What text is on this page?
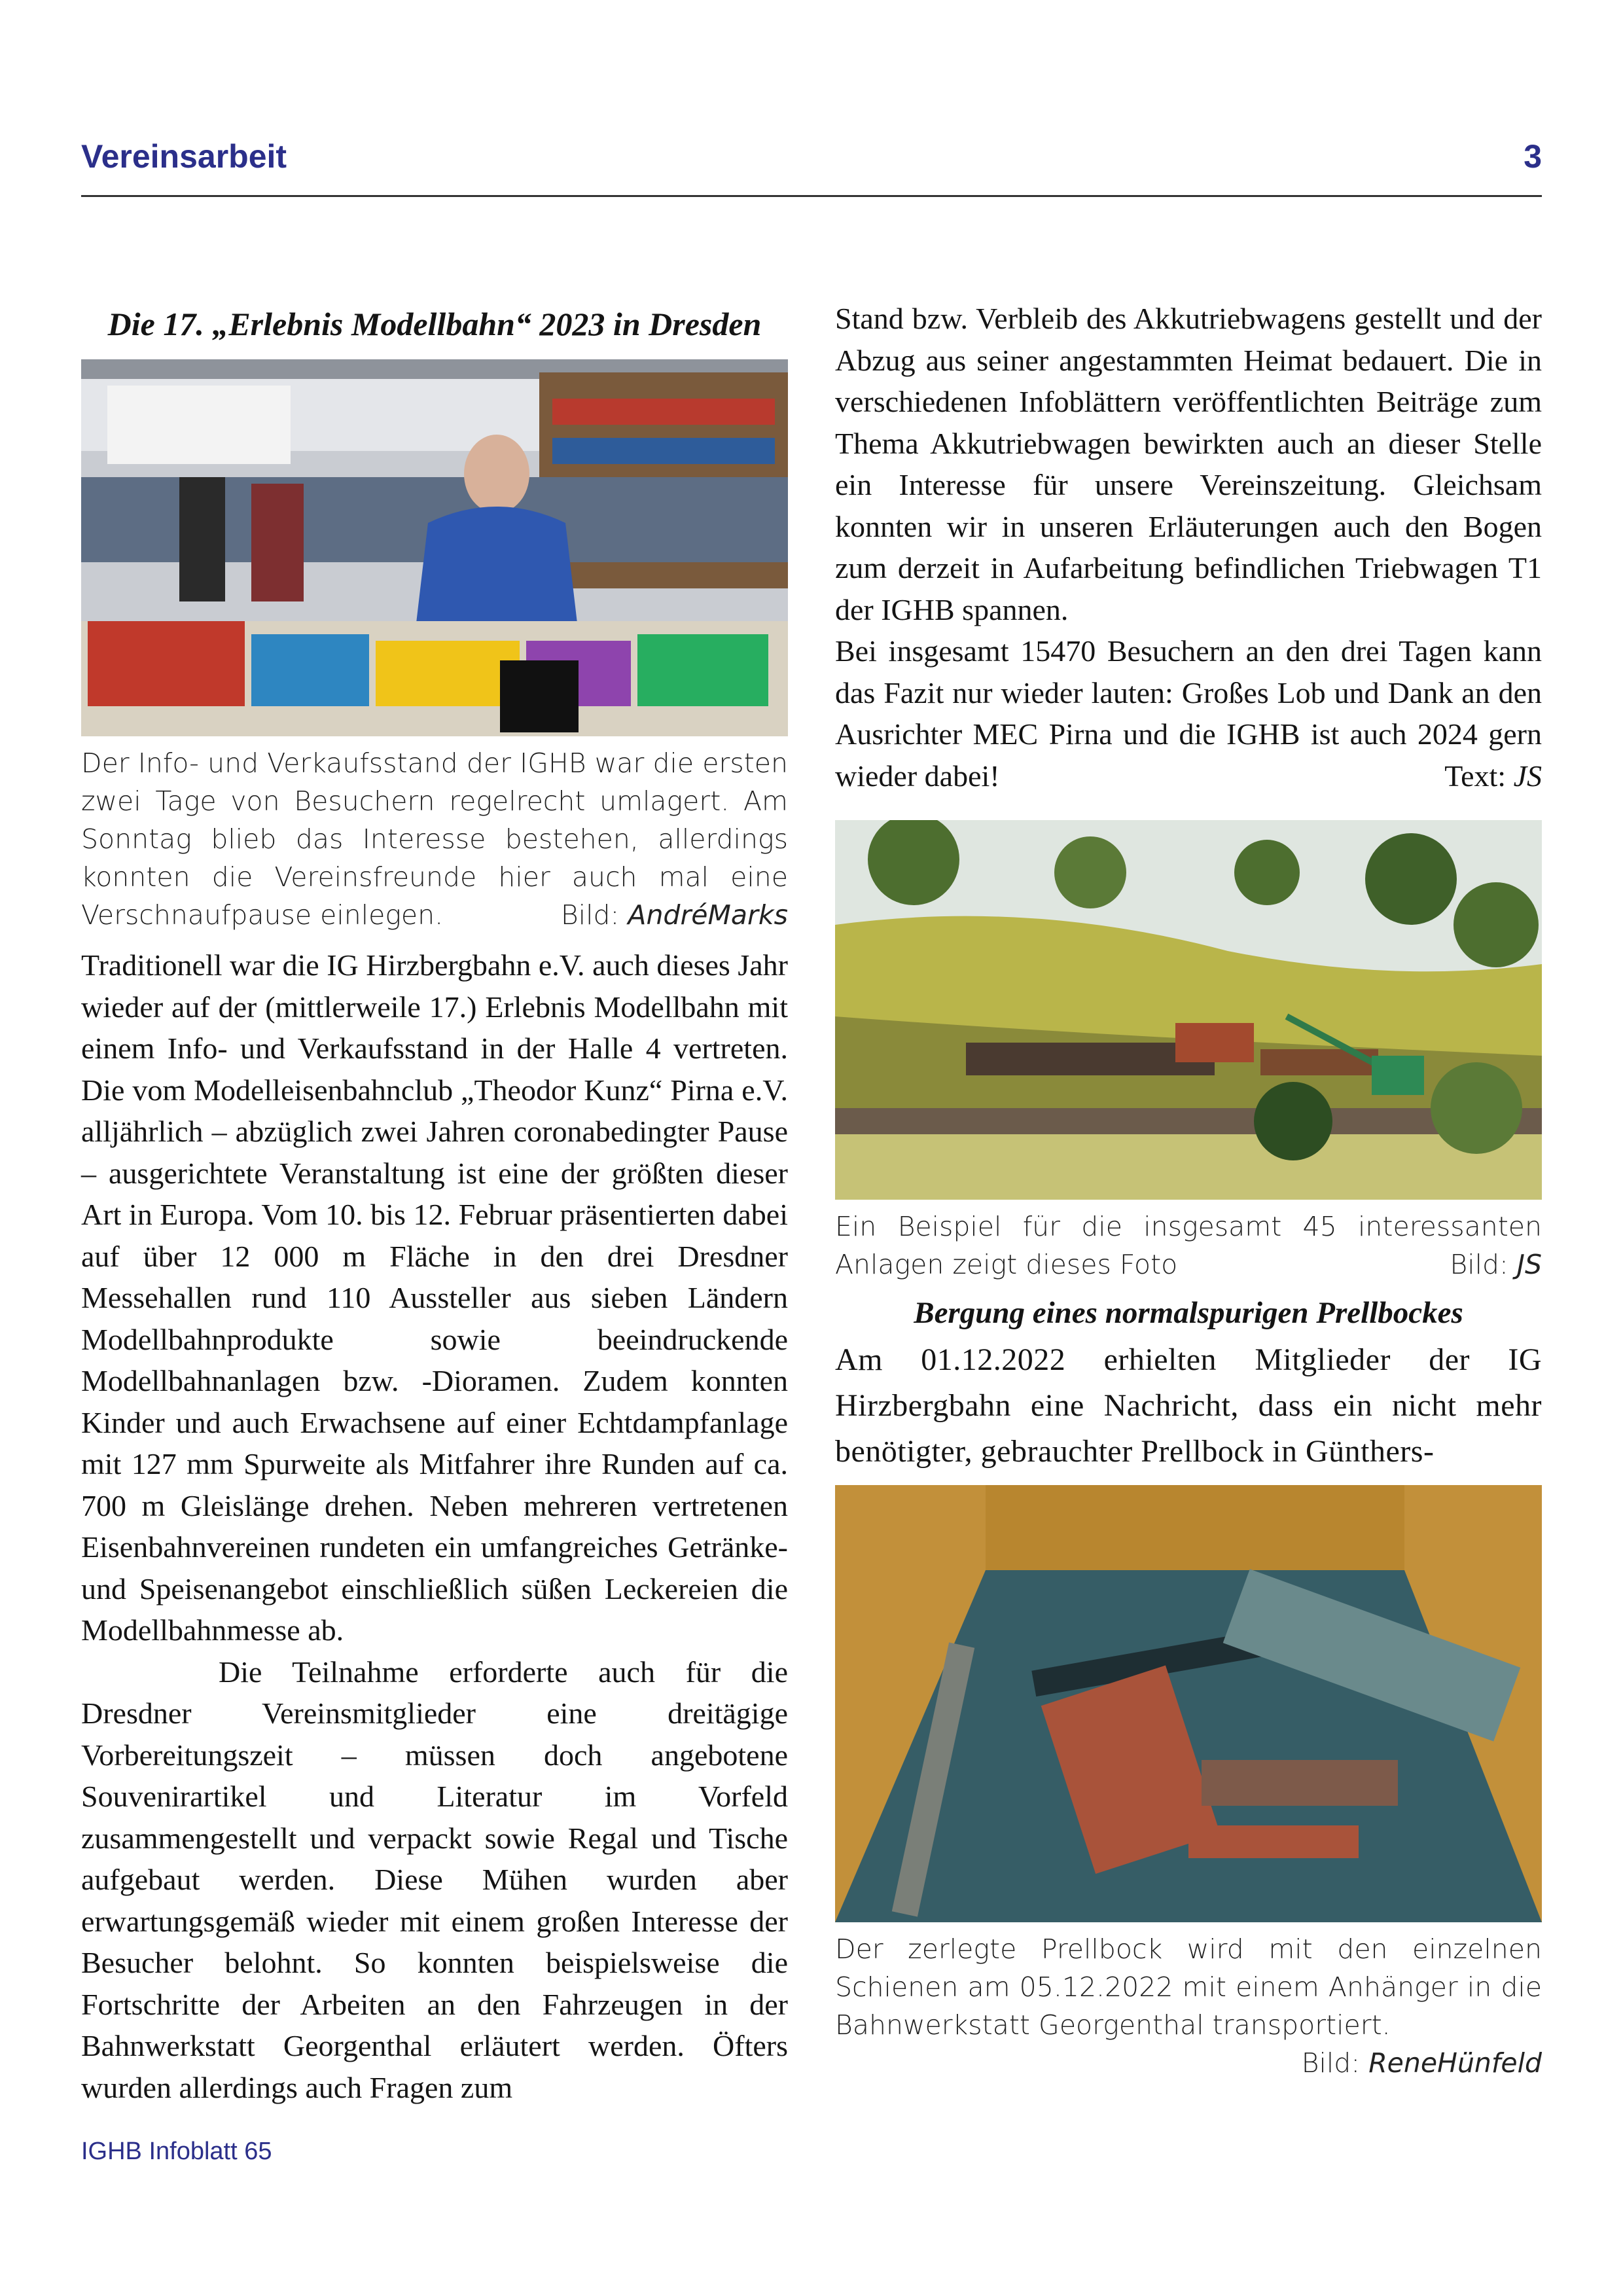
Vereinsarbeit	3
Die 17. „Erlebnis Modellbahn“ 2023 in Dresden
Der Info- und Verkaufsstand der IGHB war die ersten zwei Tage von Besuchern regelrecht umlagert. Am Sonntag blieb das Interesse bestehen, allerdings konnten die Vereinsfreunde hier auch mal eine Verschnaufpause einlegen.	Bild: AndréMarks

Traditionell war die IG Hirzbergbahn e.V. auch dieses Jahr wieder auf der (mittlerweile 17.) Erlebnis Modellbahn mit einem Info- und Verkaufsstand in der Halle 4 vertreten. Die vom Modelleisenbahnclub „Theodor Kunz“ Pirna e.V. alljährlich – abzüglich zwei Jahren coronabedingter Pause – ausgerichtete Veranstaltung ist eine der größten dieser Art in Europa. Vom 10. bis 12. Februar präsentierten dabei auf über 12 000 m Fläche in den drei Dresdner Messehallen rund 110 Aussteller aus sieben Ländern Modellbahnprodukte sowie beeindruckende Modellbahnanlagen bzw. -Dioramen. Zudem konnten Kinder und auch Erwachsene auf einer Echtdampfanlage mit 127 mm Spurweite als Mitfahrer ihre Runden auf ca. 700 m Gleislänge drehen. Neben mehreren vertretenen Eisenbahnvereinen rundeten ein umfangreiches Getränke- und Speisenangebot einschließlich süßen Leckereien die Modellbahnmesse ab.

Die Teilnahme erforderte auch für die Dresdner Vereinsmitglieder eine dreitägige Vorbereitungszeit – müssen doch angebotene Souvenirartikel und Literatur im Vorfeld zusammengestellt und verpackt sowie Regal und Tische aufgebaut werden. Diese Mühen wurden aber erwartungsgemäß wieder mit einem großen Interesse der Besucher belohnt. So konnten beispielsweise die Fortschritte der Arbeiten an den Fahrzeugen in der Bahnwerkstatt Georgenthal erläutert werden. Öfters wurden allerdings auch Fragen zum

Stand bzw. Verbleib des Akkutriebwagens gestellt und der Abzug aus seiner angestammten Heimat bedauert. Die in verschiedenen Infoblättern veröffentlichten Beiträge zum Thema Akkutriebwagen bewirkten auch an dieser Stelle ein Interesse für unsere Vereinszeitung. Gleichsam konnten wir in unseren Erläuterungen auch den Bogen zum derzeit in Aufarbeitung befindlichen Triebwagen T1 der IGHB spannen.

Bei insgesamt 15470 Besuchern an den drei Tagen kann das Fazit nur wieder lauten: Großes Lob und Dank an den Ausrichter MEC Pirna und die IGHB ist auch 2024 gern wieder dabei!	Text: JS

Ein Beispiel für die insgesamt 45 interessanten Anlagen zeigt dieses Foto	Bild: JS
Bergung eines normalspurigen Prellbockes

Am 01.12.2022 erhielten Mitglieder der IG Hirzbergbahn eine Nachricht, dass ein nicht mehr benötigter, gebrauchter Prellbock in Günthers-

Der zerlegte Prellbock wird mit den einzelnen Schienen am 05.12.2022 mit einem Anhänger in die Bahnwerkstatt Georgenthal transportiert.
Bild: ReneHünfeld
IGHB Infoblatt 65
